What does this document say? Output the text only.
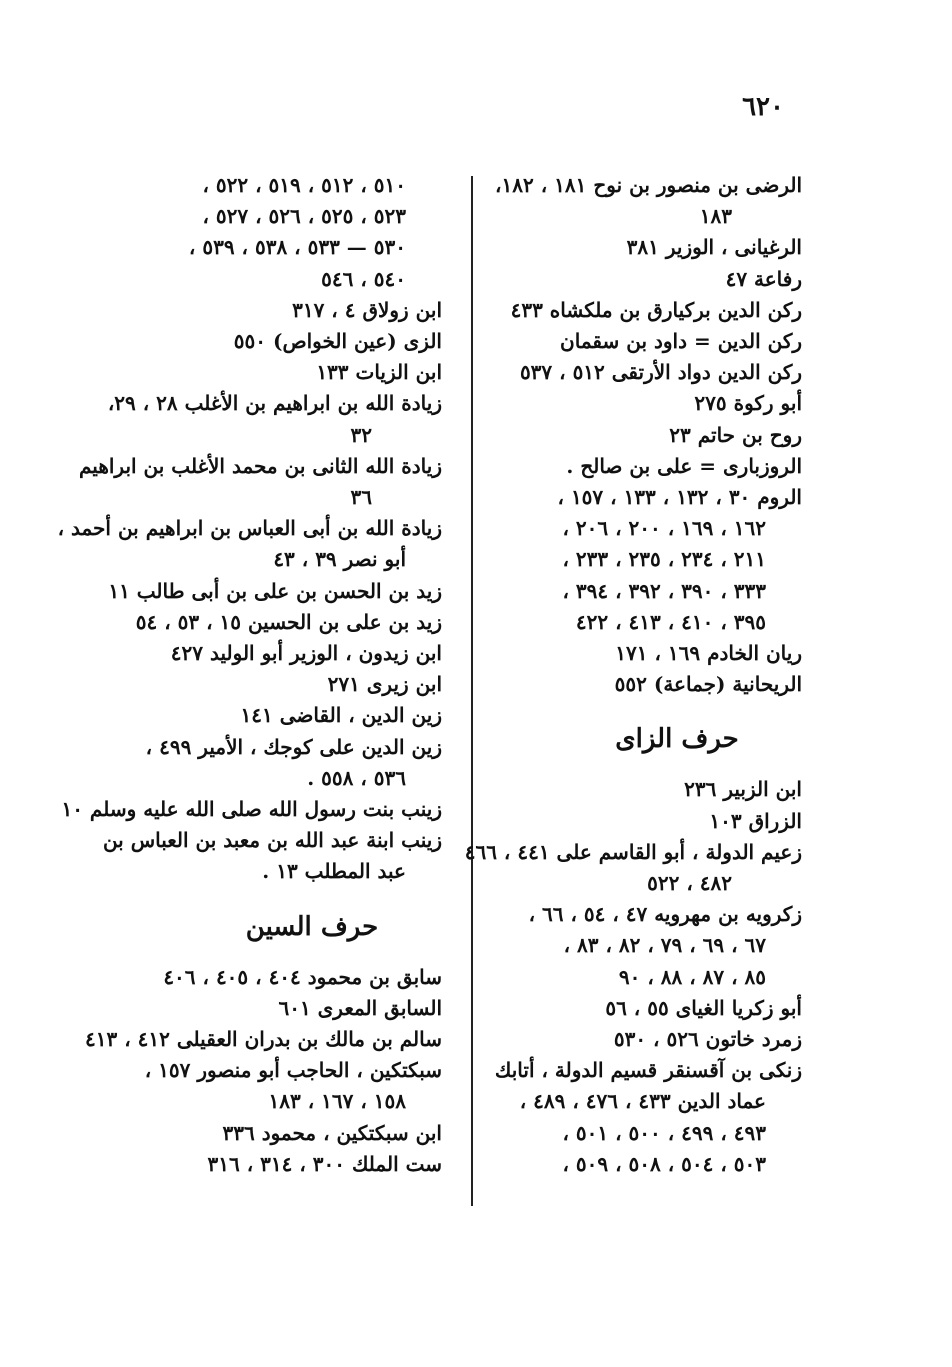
٦٢٠
الرضى بن منصور بن نوح ١٨١ ، ١٨٢،
١٨٣
الرغيانى ، الوزير ٣٨١
رفاعة ٤٧
ركن الدين بركيارق بن ملكشاه ٤٣٣
ركن الدين = داود بن سقمان
ركن الدين دواد الأرتقى ٥١٢ ، ٥٣٧
أبو ركوة ٢٧٥
روح بن حاتم ٢٣
الروزبارى = على بن صالح .
الروم ٣٠ ، ١٣٢ ، ١٣٣ ، ١٥٧ ،
١٦٢ ، ١٦٩ ، ٢٠٠ ، ٢٠٦ ،
٢١١ ، ٢٣٤ ، ٢٣٥ ، ٢٣٣ ،
٣٣٣ ، ٣٩٠ ، ٣٩٢ ، ٣٩٤ ،
٣٩٥ ، ٤١٠ ، ٤١٣ ، ٤٢٢
ريان الخادم ١٦٩ ، ١٧١
الريحانية (جماعة) ٥٥٢
حرف الزاى
ابن الزبير ٢٣٦
الزراق ١٠٣
زعيم الدولة ، أبو القاسم على ٤٤١ ، ٤٦٦
٤٨٢ ، ٥٢٢
زكرويه بن مهرويه ٤٧ ، ٥٤ ، ٦٦ ،
٦٧ ، ٦٩ ، ٧٩ ، ٨٢ ، ٨٣ ،
٨٥ ، ٨٧ ، ٨٨ ، ٩٠
أبو زكريا الغياى ٥٥ ، ٥٦
زمرد خاتون ٥٢٦ ، ٥٣٠
زنكى بن آقسنقر قسيم الدولة ، أتابك
عماد الدين ٤٣٣ ، ٤٧٦ ، ٤٨٩ ،
٤٩٣ ، ٤٩٩ ، ٥٠٠ ، ٥٠١ ،
٥٠٣ ، ٥٠٤ ، ٥٠٨ ، ٥٠٩ ،
٥١٠ ، ٥١٢ ، ٥١٩ ، ٥٢٢ ،
٥٢٣ ، ٥٢٥ ، ٥٢٦ ، ٥٢٧ ،
٥٣٠ — ٥٣٣ ، ٥٣٨ ، ٥٣٩ ،
٥٤٠ ، ٥٤٦
ابن زولاق ٤ ، ٣١٧
الزى (عين الخواص) ٥٥٠
ابن الزيات ١٣٣
زيادة الله بن ابراهيم بن الأغلب ٢٨ ، ٢٩،
٣٢
زيادة الله الثانى بن محمد الأغلب بن ابراهيم
٣٦
زيادة الله بن أبى العباس بن ابراهيم بن أحمد ،
أبو نصر ٣٩ ، ٤٣
زيد بن الحسن بن على بن أبى طالب ١١
زيد بن على بن الحسين ١٥ ، ٥٣ ، ٥٤
ابن زيدون ، الوزير أبو الوليد ٤٢٧
ابن زيرى ٢٧١
زين الدين ، القاضى ١٤١
زين الدين على كوجك ، الأمير ٤٩٩ ،
٥٣٦ ، ٥٥٨ .
زينب بنت رسول الله صلى الله عليه وسلم ١٠
زينب ابنة عبد الله بن معبد بن العباس بن
عبد المطلب ١٣ .
حرف السين
سابق بن محمود ٤٠٤ ، ٤٠٥ ، ٤٠٦
السابق المعرى ٦٠١
سالم بن مالك بن بدران العقيلى ٤١٢ ، ٤١٣
سبكتكين ، الحاجب أبو منصور ١٥٧ ،
١٥٨ ، ١٦٧ ، ١٨٣
ابن سبكتكين ، محمود ٣٣٦
ست الملك ٣٠٠ ، ٣١٤ ، ٣١٦
